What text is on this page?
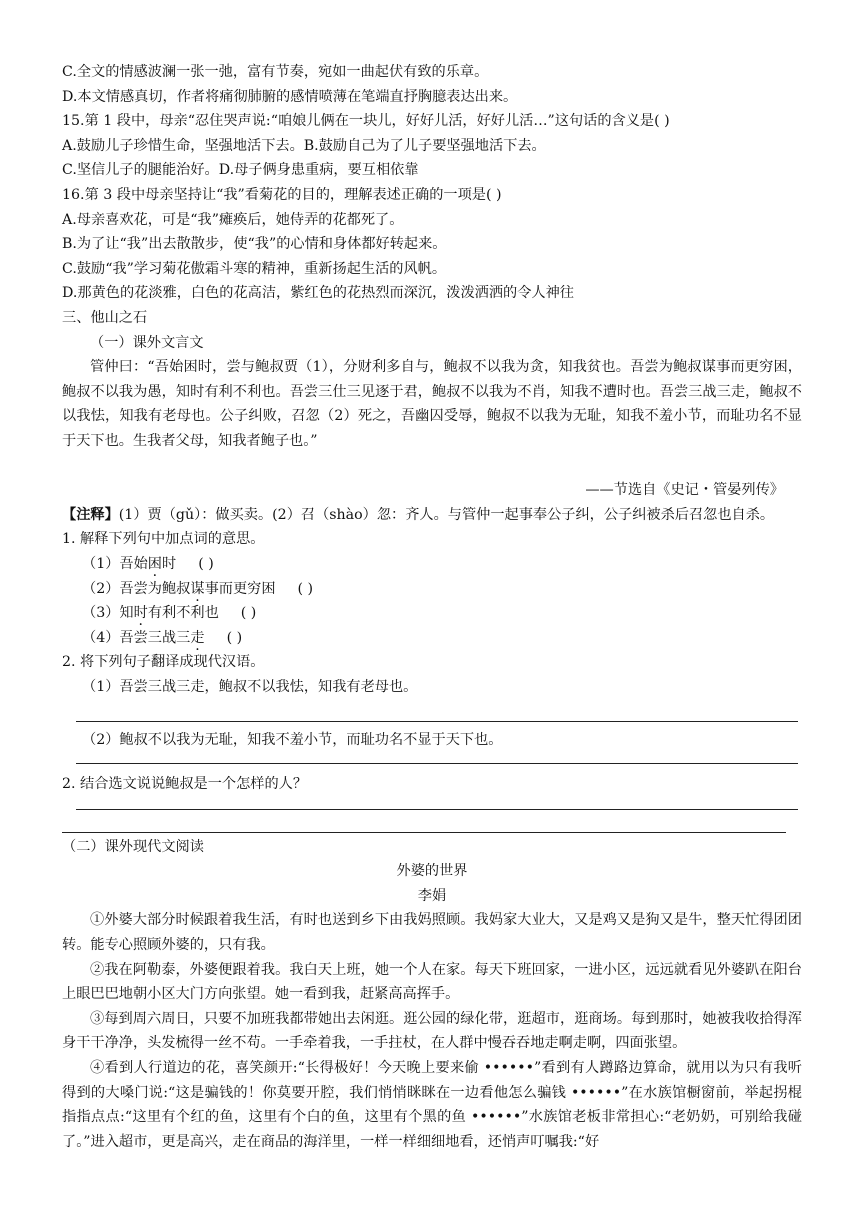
C.全文的情感波澜一张一弛，富有节奏，宛如一曲起伏有致的乐章。
D.本文情感真切，作者将痛彻肺腑的感情喷薄在笔端直抒胸臆表达出来。
15.第 1 段中，母亲“忍住哭声说:“咱娘儿俩在一块儿，好好儿活，好好儿活…”这句话的含义是( )
A.鼓励儿子珍惜生命，坚强地活下去。B.鼓励自己为了儿子要坚强地活下去。
C.坚信儿子的腿能治好。D.母子俩身患重病，要互相依靠
16.第 3 段中母亲坚持让“我”看菊花的目的，理解表述正确的一项是( )
A.母亲喜欢花，可是“我”瘫痪后，她侍弄的花都死了。
B.为了让“我”出去散散步，使“我”的心情和身体都好转起来。
C.鼓励“我”学习菊花傲霜斗寒的精神，重新扬起生活的风帆。
D.那黄色的花淡雅，白色的花高洁，紫红色的花热烈而深沉，泼泼洒洒的令人神往
三、他山之石
（一）课外文言文
管仲曰：“吾始困时，尝与鲍叔贾（1），分财利多自与，鲍叔不以我为贪，知我贫也。吾尝为鲍叔谋事而更穷困，鲍叔不以我为愚，知时有利不利也。吾尝三仕三见逐于君，鲍叔不以我为不肖，知我不遭时也。吾尝三战三走，鲍叔不以我怯，知我有老母也。公子纠败，召忽（2）死之，吾幽囚受辱，鲍叔不以我为无耻，知我不羞小节，而耻功名不显于天下也。生我者父母，知我者鲍子也。”
——节选自《史记・管晏列传》
【注释】(1）贾（gǔ）：做买卖。(2）召（shào）忽：齐人。与管仲一起事奉公子纠，公子纠被杀后召忽也自杀。
1. 解释下列句中加点词的意思。
（1）吾始困时 ( )
（2）吾尝为鲍叔谋事而更穷困 ( )
（3）知时有利不利也 ( )
（4）吾尝三战三走 ( )
2. 将下列句子翻译成现代汉语。
（1）吾尝三战三走，鲍叔不以我怯，知我有老母也。
（2）鲍叔不以我为无耻，知我不羞小节，而耻功名不显于天下也。
2. 结合选文说说鲍叔是一个怎样的人？
（二）课外现代文阅读
外婆的世界
李娟
①外婆大部分时候跟着我生活，有时也送到乡下由我妈照顾。我妈家大业大，又是鸡又是狗又是牛，整天忙得团团转。能专心照顾外婆的，只有我。
②我在阿勒泰，外婆便跟着我。我白天上班，她一个人在家。每天下班回家，一进小区，远远就看见外婆趴在阳台上眼巴巴地朝小区大门方向张望。她一看到我，赶紧高高挥手。
③每到周六周日，只要不加班我都带她出去闲逛。逛公园的绿化带，逛超市，逛商场。每到那时，她被我收拾得浑身干干净净，头发梳得一丝不苟。一手牵着我，一手拄杖，在人群中慢吞吞地走啊走啊，四面张望。
④看到人行道边的花，喜笑颜开:“长得极好！今天晚上要来偷 ••••••”看到有人蹲路边算命，就用以为只有我听得到的大嗓门说:“这是骗钱的！你莫要开腔，我们悄悄眯眯在一边看他怎么骗钱 ••••••”在水族馆橱窗前，举起拐棍指指点点:“这里有个红的鱼，这里有个白的鱼，这里有个黑的鱼 ••••••”水族馆老板非常担心:“老奶奶，可别给我碰了。”进入超市，更是高兴，走在商品的海洋里，一样一样细细地看，还悄声叮嘱我:“好
